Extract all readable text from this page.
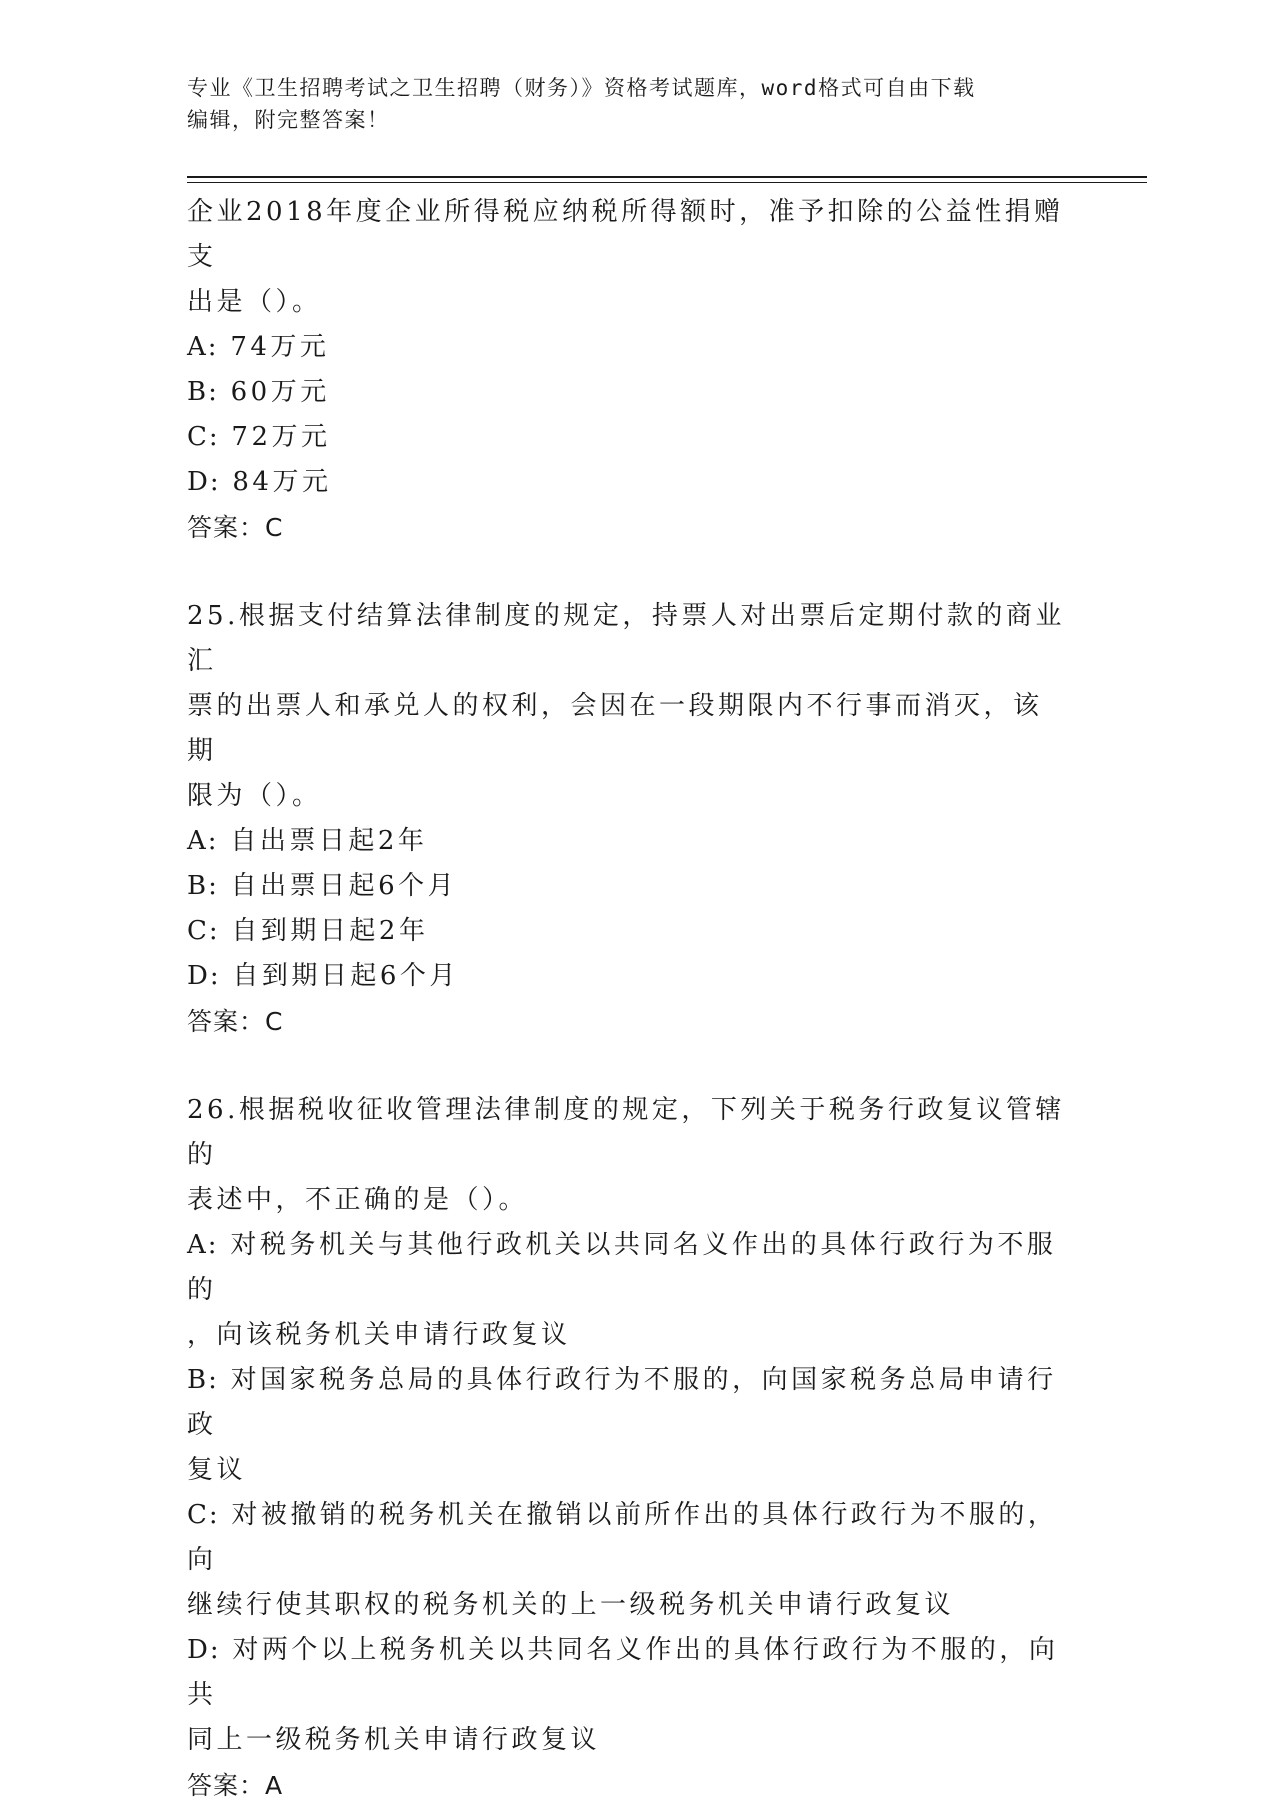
专业《卫生招聘考试之卫生招聘（财务）》资格考试题库，word格式可自由下载

编辑，附完整答案！

企业2018年度企业所得税应纳税所得额时，准予扣除的公益性捐赠支

出是（）。

A: 74万元

B: 60万元

C: 72万元

D: 84万元

答案：C

25.根据支付结算法律制度的规定，持票人对出票后定期付款的商业汇

票的出票人和承兑人的权利，会因在一段期限内不行事而消灭，该期

限为（）。

A: 自出票日起2年

B: 自出票日起6个月

C: 自到期日起2年

D: 自到期日起6个月

答案：C

26.根据税收征收管理法律制度的规定，下列关于税务行政复议管辖的

表述中，不正确的是（）。

A: 对税务机关与其他行政机关以共同名义作出的具体行政行为不服的

，向该税务机关申请行政复议

B: 对国家税务总局的具体行政行为不服的，向国家税务总局申请行政

复议

C: 对被撤销的税务机关在撤销以前所作出的具体行政行为不服的，向

继续行使其职权的税务机关的上一级税务机关申请行政复议

D: 对两个以上税务机关以共同名义作出的具体行政行为不服的，向共

同上一级税务机关申请行政复议

答案：A
